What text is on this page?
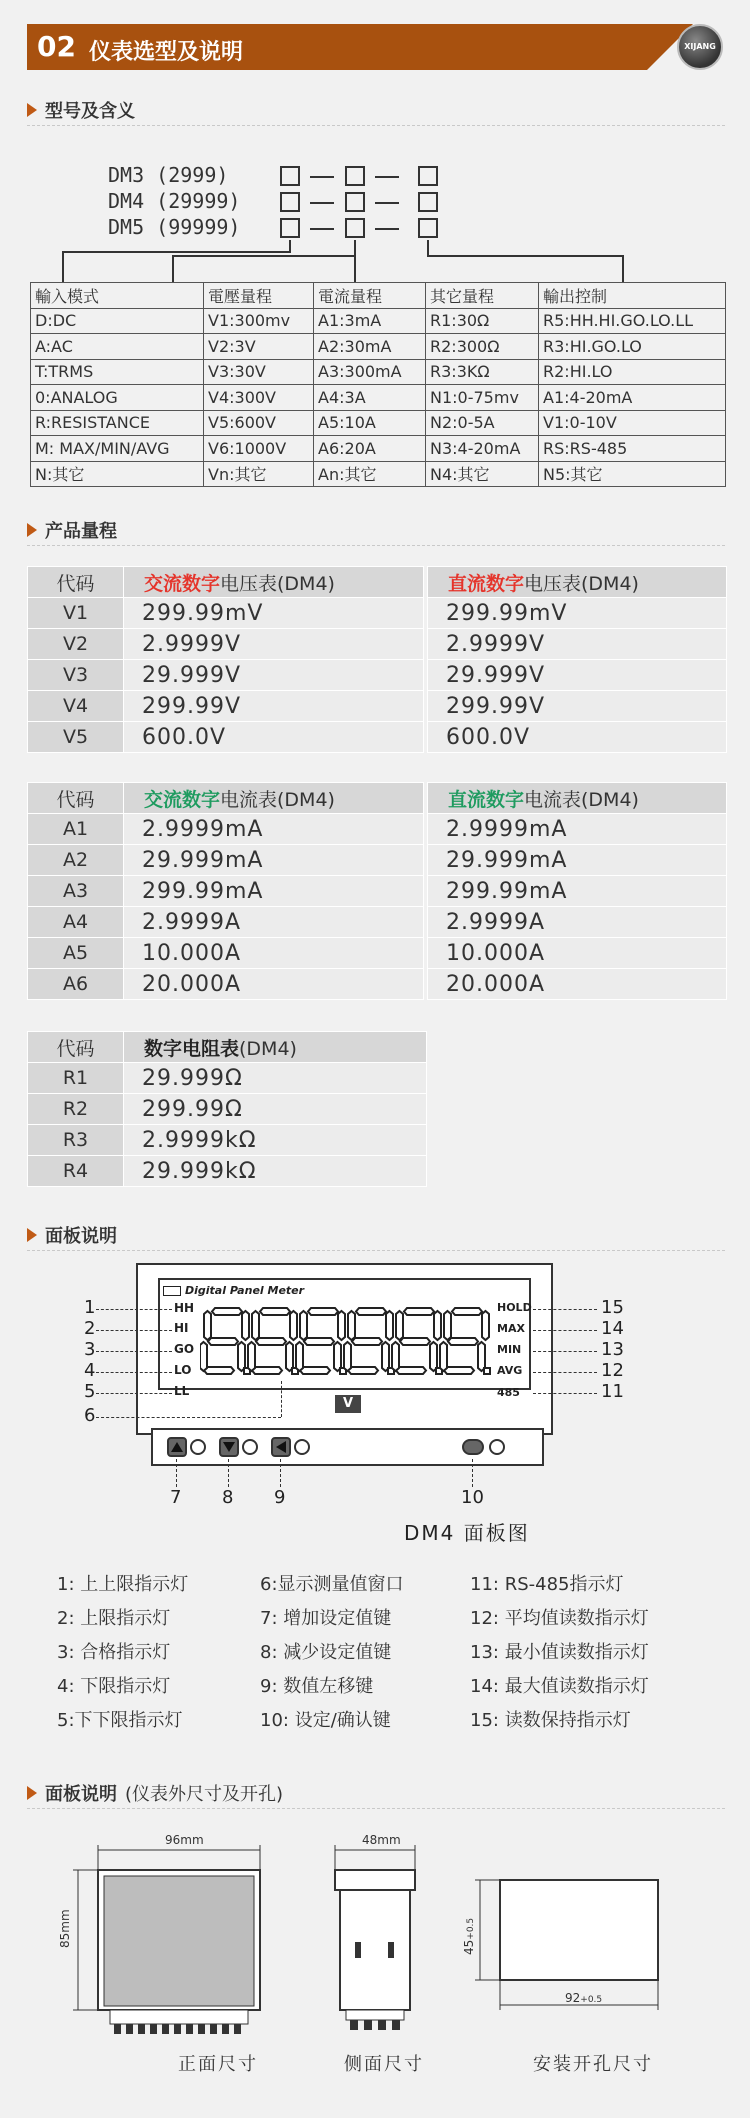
02 仪表选型及说明	XIJANG
型号及含义
DM3 (2999)
DM4 (29999)
DM5 (99999)
輸入模式	電壓量程	電流量程	其它量程	輸出控制
D:DC	V1:300mv	A1:3mA	R1:30Ω	R5:HH.HI.GO.LO.LL
A:AC	V2:3V	A2:30mA	R2:300Ω	R3:HI.GO.LO
T:TRMS	V3:30V	A3:300mA	R3:3KΩ	R2:HI.LO
0:ANALOG	V4:300V	A4:3A	N1:0-75mv	A1:4-20mA
R:RESISTANCE	V5:600V	A5:10A	N2:0-5A	V1:0-10V
M: MAX/MIN/AVG	V6:1000V	A6:20A	N3:4-20mA	RS:RS-485
N:其它	Vn:其它	An:其它	N4:其它	N5:其它
产品量程
代码	交流数字电压表(DM4)		直流数字电压表(DM4)
V1	299.99mV		299.99mV
V2	2.9999V		2.9999V
V3	29.999V		29.999V
V4	299.99V		299.99V
V5	600.0V		600.0V
代码	交流数字电流表(DM4)		直流数字电流表(DM4)
A1	2.9999mA		2.9999mA
A2	29.999mA		29.999mA
A3	299.99mA		299.99mA
A4	2.9999A		2.9999A
A5	10.000A		10.000A
A6	20.000A		20.000A
代码	数字电阻表(DM4)
R1	29.999Ω
R2	299.99Ω
R3	2.9999kΩ
R4	29.999kΩ
面板说明
Digital Panel Meter
HH
HI
GO
LO
LL
HOLD
MAX
MIN
AVG
485
1
2
3
4
5
6
15
14
13
12
11
V
7 8 9	10
DM4 面板图
1: 上上限指示灯	6:显示测量值窗口	11: RS-485指示灯
2: 上限指示灯	7: 增加设定值键	12: 平均值读数指示灯
3: 合格指示灯	8: 减少设定值键	13: 最小值读数指示灯
4: 下限指示灯	9: 数值左移键	14: 最大值读数指示灯
5:下下限指示灯	10: 设定/确认键	15: 读数保持指示灯
面板说明 (仪表外尺寸及开孔)
96mm
85mm
48mm
45+0.5
92+0.5
正面尺寸	侧面尺寸	安装开孔尺寸
